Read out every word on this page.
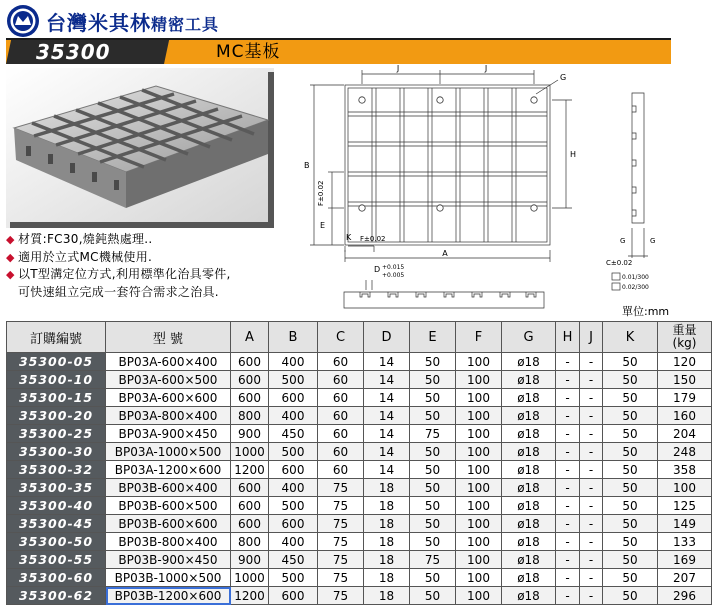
台灣米其林精密工具
35300	MC基板
◆ 材質:FC30,燒鈍熱處理..
◆ 適用於立式MC機械使用.
◆ 以T型溝定位方式,利用標準化治具零件,
可快速組立完成一套符合需求之治具.
J	J
G
B
H
F±0.02
E
K F±0.02
A
D +0.015
+0.005
G	G
C±0.02
0.01/300
0.02/300
單位:mm
訂購編號	型 號	A	B	C	D	E	F	G	H	J	K	重量
(kg)

35300-05	BP03A-600×400	600	400	60	14	50	100	ø18	-	-	50	120
35300-10	BP03A-600×500	600	500	60	14	50	100	ø18	-	-	50	150
35300-15	BP03A-600×600	600	600	60	14	50	100	ø18	-	-	50	179
35300-20	BP03A-800×400	800	400	60	14	50	100	ø18	-	-	50	160
35300-25	BP03A-900×450	900	450	60	14	75	100	ø18	-	-	50	204
35300-30	BP03A-1000×500	1000	500	60	14	50	100	ø18	-	-	50	248
35300-32	BP03A-1200×600	1200	600	60	14	50	100	ø18	-	-	50	358
35300-35	BP03B-600×400	600	400	75	18	50	100	ø18	-	-	50	100
35300-40	BP03B-600×500	600	500	75	18	50	100	ø18	-	-	50	125
35300-45	BP03B-600×600	600	600	75	18	50	100	ø18	-	-	50	149
35300-50	BP03B-800×400	800	400	75	18	50	100	ø18	-	-	50	133
35300-55	BP03B-900×450	900	450	75	18	75	100	ø18	-	-	50	169
35300-60	BP03B-1000×500	1000	500	75	18	50	100	ø18	-	-	50	207
35300-62	BP03B-1200×600	1200	600	75	18	50	100	ø18	-	-	50	296
